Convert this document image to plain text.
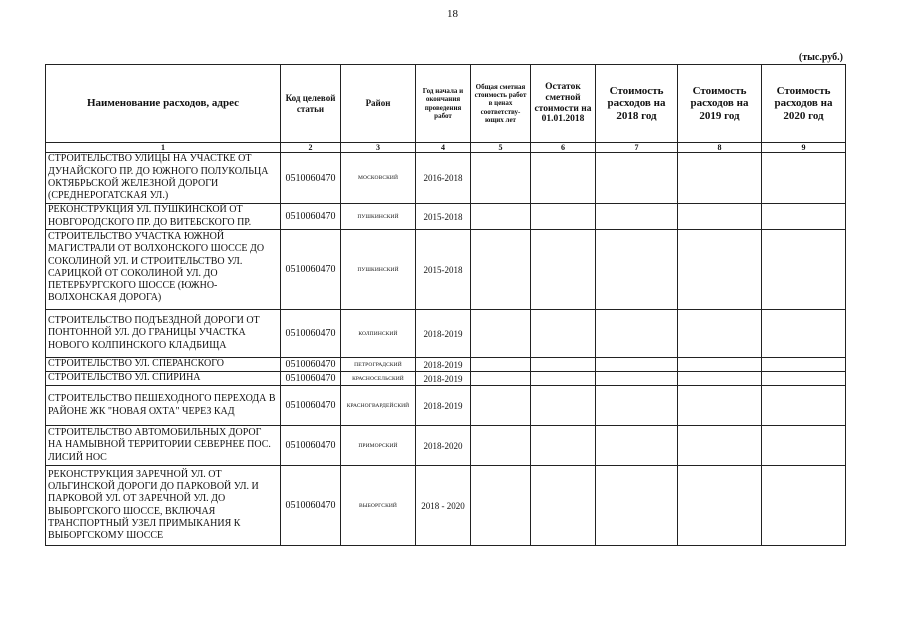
18
(тыс.руб.)
Наименование расходов, адрес	Код целевой статьи	Район	Год начала и окончания проведения работ	Общая сметная стоимость работ в ценах соответству-ющих лет	Остаток сметной стоимости на 01.01.2018	Стоимость расходов на 2018 год	Стоимость расходов на 2019 год	Стоимость расходов на 2020 год
1	2	3	4	5	6	7	8	9
СТРОИТЕЛЬСТВО УЛИЦЫ НА УЧАСТКЕ ОТ ДУНАЙСКОГО ПР. ДО ЮЖНОГО ПОЛУКОЛЬЦА ОКТЯБРЬСКОЙ ЖЕЛЕЗНОЙ ДОРОГИ (СРЕДНЕРОГАТСКАЯ УЛ.)	0510060470	МОСКОВСКИЙ	2016-2018					
РЕКОНСТРУКЦИЯ УЛ. ПУШКИНСКОЙ ОТ НОВГОРОДСКОГО ПР. ДО ВИТЕБСКОГО ПР.	0510060470	ПУШКИНСКИЙ	2015-2018					
СТРОИТЕЛЬСТВО УЧАСТКА ЮЖНОЙ МАГИСТРАЛИ ОТ ВОЛХОНСКОГО ШОССЕ ДО СОКОЛИНОЙ УЛ. И СТРОИТЕЛЬСТВО УЛ. САРИЦКОЙ ОТ СОКОЛИНОЙ УЛ. ДО ПЕТЕРБУРГСКОГО ШОССЕ (ЮЖНО-ВОЛХОНСКАЯ ДОРОГА)	0510060470	ПУШКИНСКИЙ	2015-2018					
СТРОИТЕЛЬСТВО ПОДЪЕЗДНОЙ ДОРОГИ ОТ ПОНТОННОЙ УЛ. ДО ГРАНИЦЫ УЧАСТКА НОВОГО КОЛПИНСКОГО КЛАДБИЩА	0510060470	КОЛПИНСКИЙ	2018-2019					
СТРОИТЕЛЬСТВО УЛ. СПЕРАНСКОГО	0510060470	ПЕТРОГРАДСКИЙ	2018-2019					
СТРОИТЕЛЬСТВО УЛ. СПИРИНА	0510060470	КРАСНОСЕЛЬСКИЙ	2018-2019					
СТРОИТЕЛЬСТВО ПЕШЕХОДНОГО ПЕРЕХОДА В РАЙОНЕ ЖК "НОВАЯ ОХТА" ЧЕРЕЗ КАД	0510060470	КРАСНОГВАРДЕЙСКИЙ	2018-2019					
СТРОИТЕЛЬСТВО АВТОМОБИЛЬНЫХ ДОРОГ НА НАМЫВНОЙ ТЕРРИТОРИИ СЕВЕРНЕЕ ПОС. ЛИСИЙ НОС	0510060470	ПРИМОРСКИЙ	2018-2020					
РЕКОНСТРУКЦИЯ ЗАРЕЧНОЙ УЛ. ОТ ОЛЬГИНСКОЙ ДОРОГИ ДО ПАРКОВОЙ УЛ. И ПАРКОВОЙ УЛ. ОТ ЗАРЕЧНОЙ УЛ. ДО ВЫБОРГСКОГО ШОССЕ, ВКЛЮЧАЯ ТРАНСПОРТНЫЙ УЗЕЛ ПРИМЫКАНИЯ К ВЫБОРГСКОМУ ШОССЕ	0510060470	ВЫБОРГСКИЙ	2018 - 2020					
